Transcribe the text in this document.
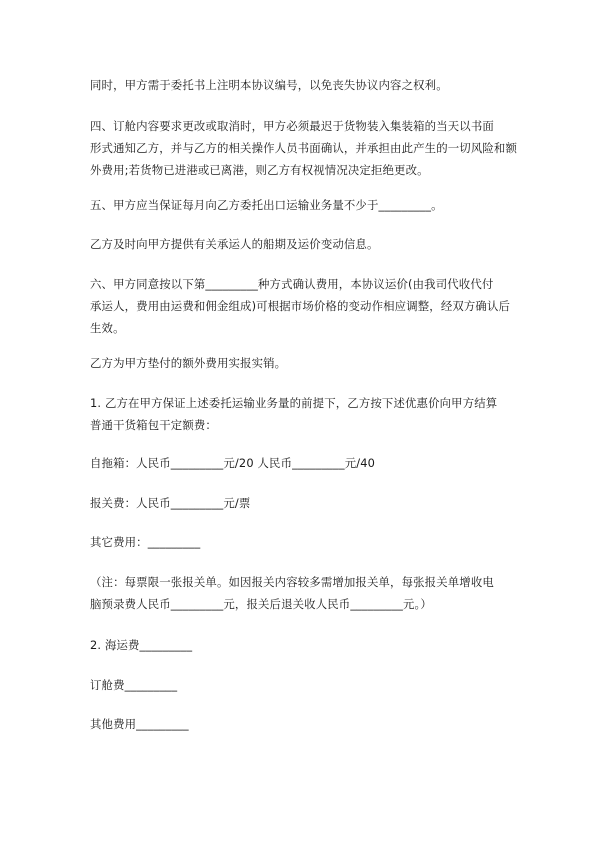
同时，甲方需于委托书上注明本协议编号，以免丧失协议内容之权利。
四、订舱内容要求更改或取消时，甲方必须最迟于货物装入集装箱的当天以书面
形式通知乙方，并与乙方的相关操作人员书面确认，并承担由此产生的一切风险和额
外费用;若货物已进港或已离港，则乙方有权视情况决定拒绝更改。
五、甲方应当保证每月向乙方委托出口运输业务量不少于_________。
乙方及时向甲方提供有关承运人的船期及运价变动信息。
六、甲方同意按以下第_________种方式确认费用，本协议运价(由我司代收代付
承运人，费用由运费和佣金组成)可根据市场价格的变动作相应调整，经双方确认后
生效。
乙方为甲方垫付的额外费用实报实销。
1. 乙方在甲方保证上述委托运输业务量的前提下，乙方按下述优惠价向甲方结算
普通干货箱包干定额费：
自拖箱：人民币_________元/20 人民币_________元/40
报关费：人民币_________元/票
其它费用：_________
（注：每票限一张报关单。如因报关内容较多需增加报关单，每张报关单增收电
脑预录费人民币_________元，报关后退关收人民币_________元。）
2. 海运费_________
订舱费_________
其他费用_________
